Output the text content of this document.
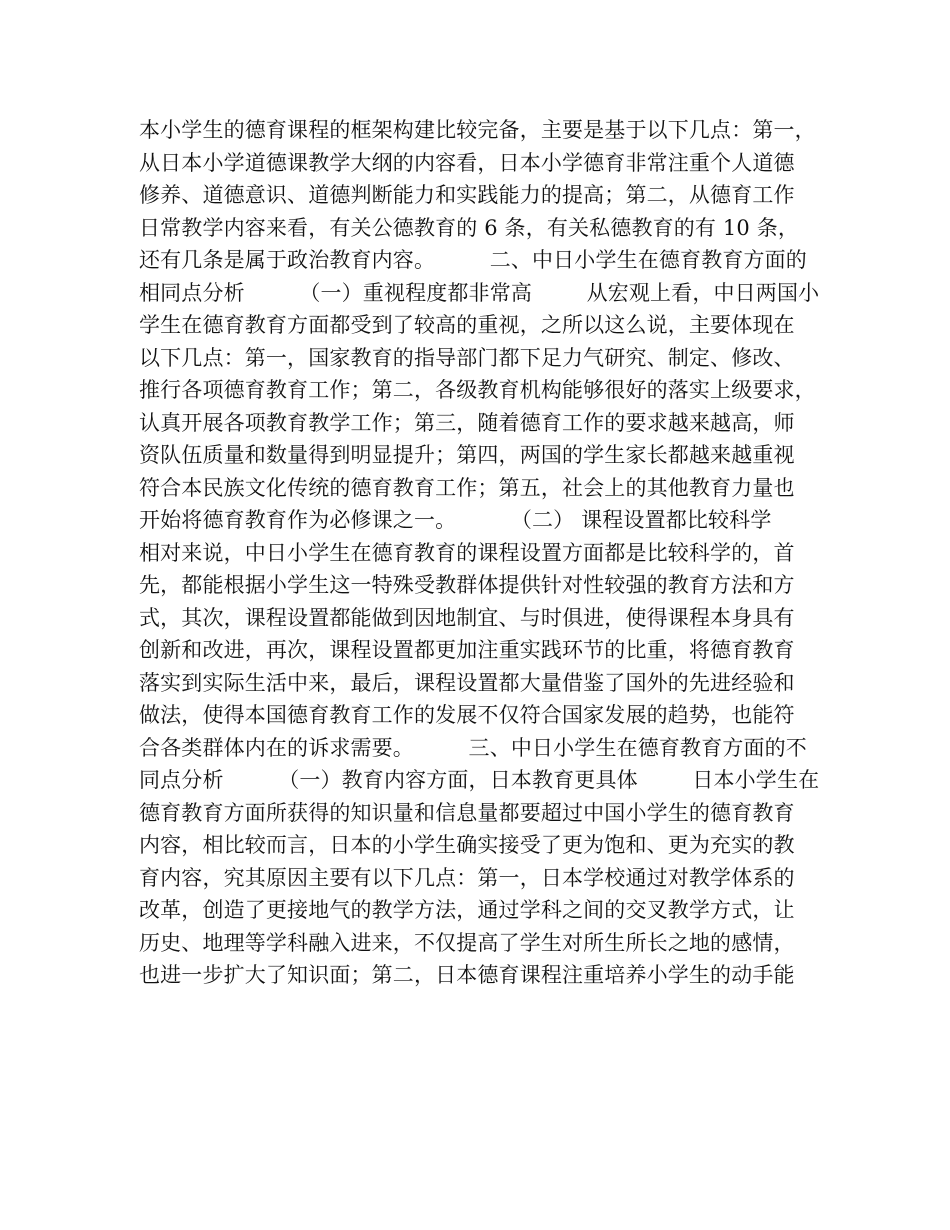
本小学生的德育课程的框架构建比较完备，主要是基于以下几点：第一，
从日本小学道德课教学大纲的内容看，日本小学德育非常注重个人道德
修养、道德意识、道德判断能力和实践能力的提高；第二，从德育工作
日常教学内容来看，有关公德教育的 6 条，有关私德教育的有 10 条，
还有几条是属于政治教育内容。        二、中日小学生在德育教育方面的
相同点分析        （一）重视程度都非常高        从宏观上看，中日两国小
学生在德育教育方面都受到了较高的重视，之所以这么说，主要体现在
以下几点：第一，国家教育的指导部门都下足力气研究、制定、修改、
推行各项德育教育工作；第二，各级教育机构能够很好的落实上级要求，
认真开展各项教育教学工作；第三，随着德育工作的要求越来越高，师
资队伍质量和数量得到明显提升；第四，两国的学生家长都越来越重视
符合本民族文化传统的德育教育工作；第五，社会上的其他教育力量也
开始将德育教育作为必修课之一。        （二） 课程设置都比较科学
相对来说，中日小学生在德育教育的课程设置方面都是比较科学的，首
先，都能根据小学生这一特殊受教群体提供针对性较强的教育方法和方
式，其次，课程设置都能做到因地制宜、与时俱进，使得课程本身具有
创新和改进，再次，课程设置都更加注重实践环节的比重，将德育教育
落实到实际生活中来，最后，课程设置都大量借鉴了国外的先进经验和
做法，使得本国德育教育工作的发展不仅符合国家发展的趋势，也能符
合各类群体内在的诉求需要。        三、中日小学生在德育教育方面的不
同点分析        （一）教育内容方面，日本教育更具体        日本小学生在
德育教育方面所获得的知识量和信息量都要超过中国小学生的德育教育
内容，相比较而言，日本的小学生确实接受了更为饱和、更为充实的教
育内容，究其原因主要有以下几点：第一，日本学校通过对教学体系的
改革，创造了更接地气的教学方法，通过学科之间的交叉教学方式，让
历史、地理等学科融入进来，不仅提高了学生对所生所长之地的感情，
也进一步扩大了知识面；第二，日本德育课程注重培养小学生的动手能
